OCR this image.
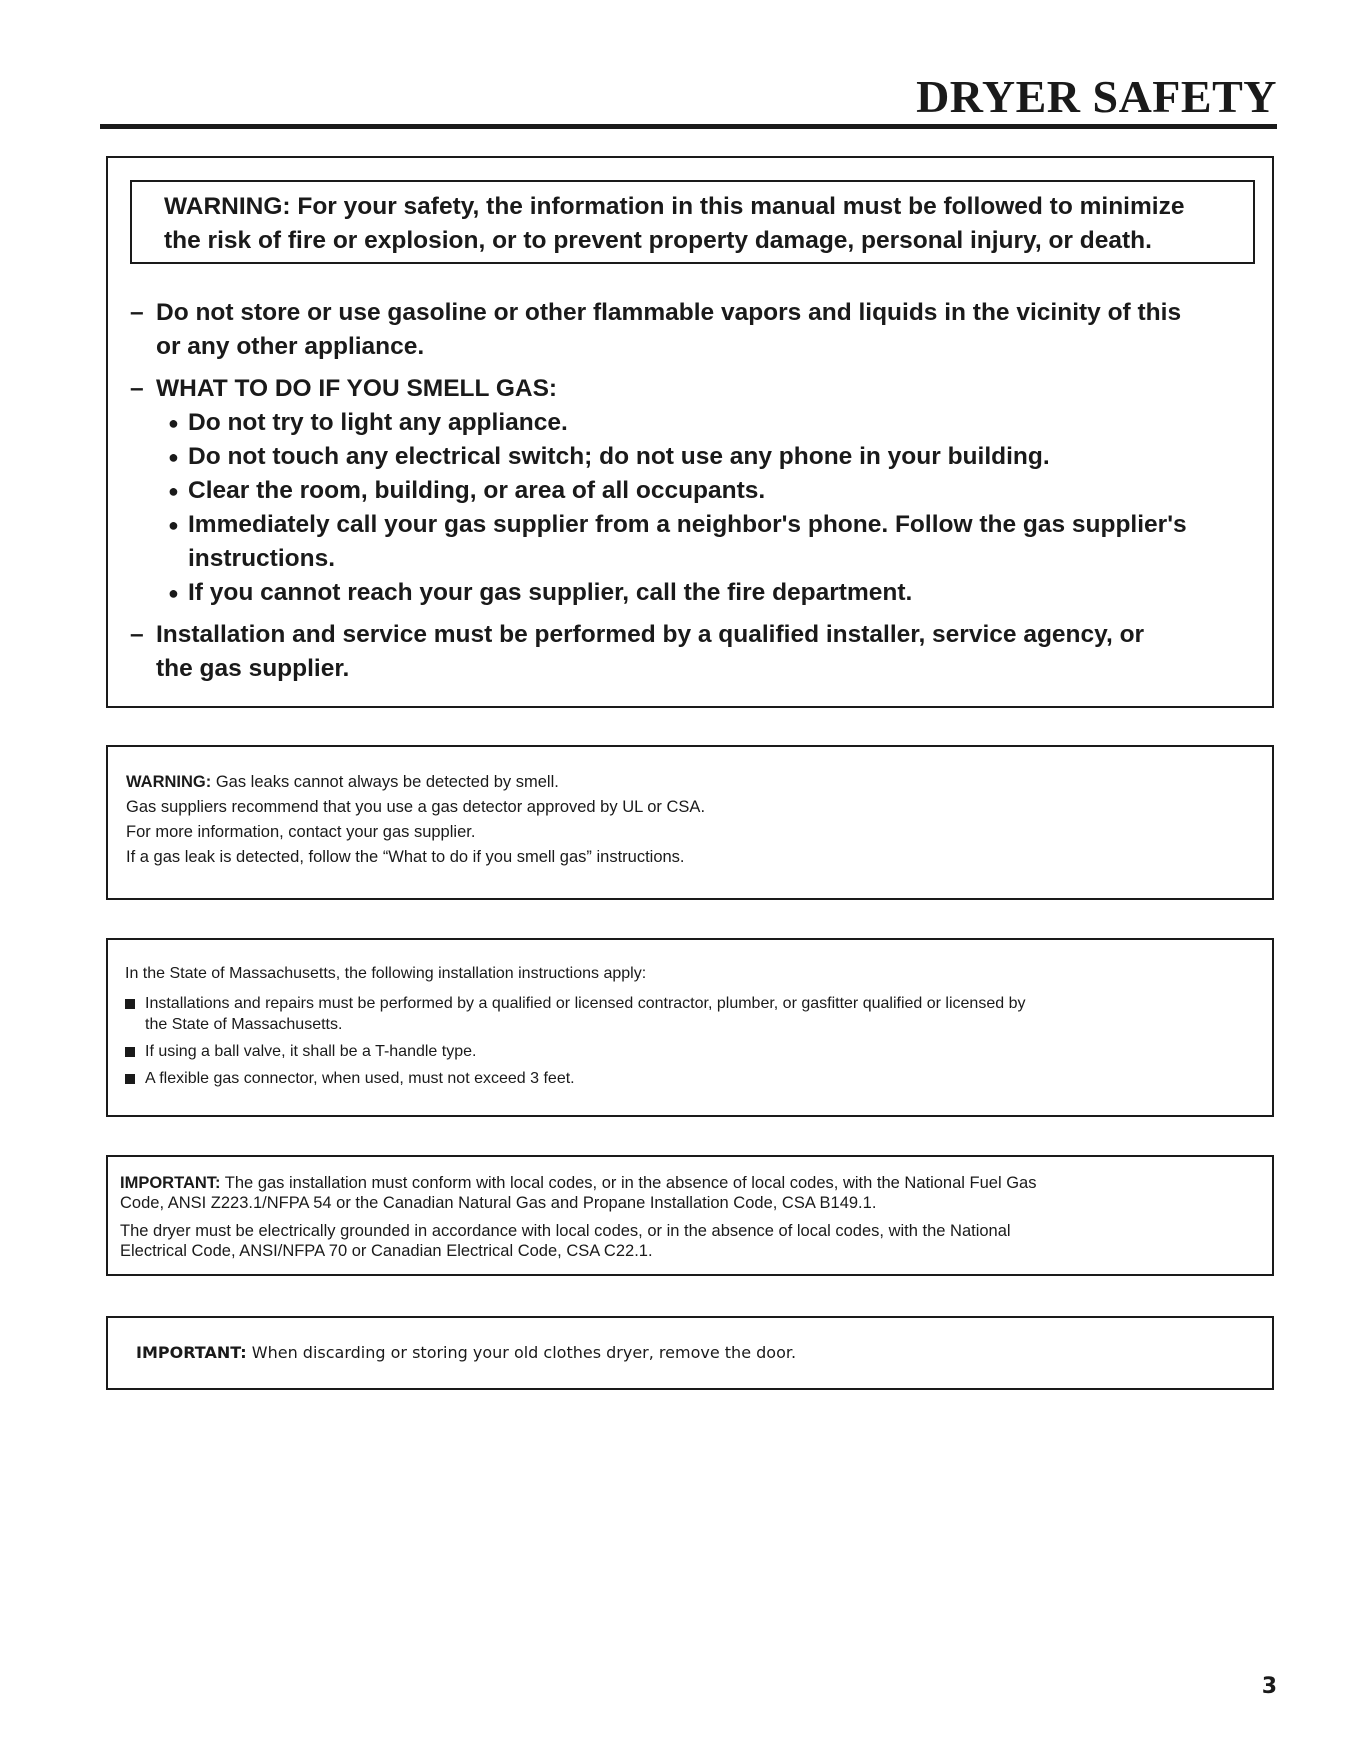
DRYER SAFETY
WARNING: For your safety, the information in this manual must be followed to minimize
the risk of fire or explosion, or to prevent property damage, personal injury, or death.
– Do not store or use gasoline or other flammable vapors and liquids in the vicinity of this
or any other appliance.
– WHAT TO DO IF YOU SMELL GAS:
● Do not try to light any appliance.
● Do not touch any electrical switch; do not use any phone in your building.
● Clear the room, building, or area of all occupants.
● Immediately call your gas supplier from a neighbor's phone. Follow the gas supplier's
instructions.
● If you cannot reach your gas supplier, call the fire department.
– Installation and service must be performed by a qualified installer, service agency, or
the gas supplier.
WARNING: Gas leaks cannot always be detected by smell.
Gas suppliers recommend that you use a gas detector approved by UL or CSA.
For more information, contact your gas supplier.
If a gas leak is detected, follow the “What to do if you smell gas” instructions.
In the State of Massachusetts, the following installation instructions apply:
Installations and repairs must be performed by a qualified or licensed contractor, plumber, or gasfitter qualified or licensed by
the State of Massachusetts.
If using a ball valve, it shall be a T-handle type.
A flexible gas connector, when used, must not exceed 3 feet.
IMPORTANT: The gas installation must conform with local codes, or in the absence of local codes, with the National Fuel Gas
Code, ANSI Z223.1/NFPA 54 or the Canadian Natural Gas and Propane Installation Code, CSA B149.1.
The dryer must be electrically grounded in accordance with local codes, or in the absence of local codes, with the National
Electrical Code, ANSI/NFPA 70 or Canadian Electrical Code, CSA C22.1.
IMPORTANT: When discarding or storing your old clothes dryer, remove the door.
3
